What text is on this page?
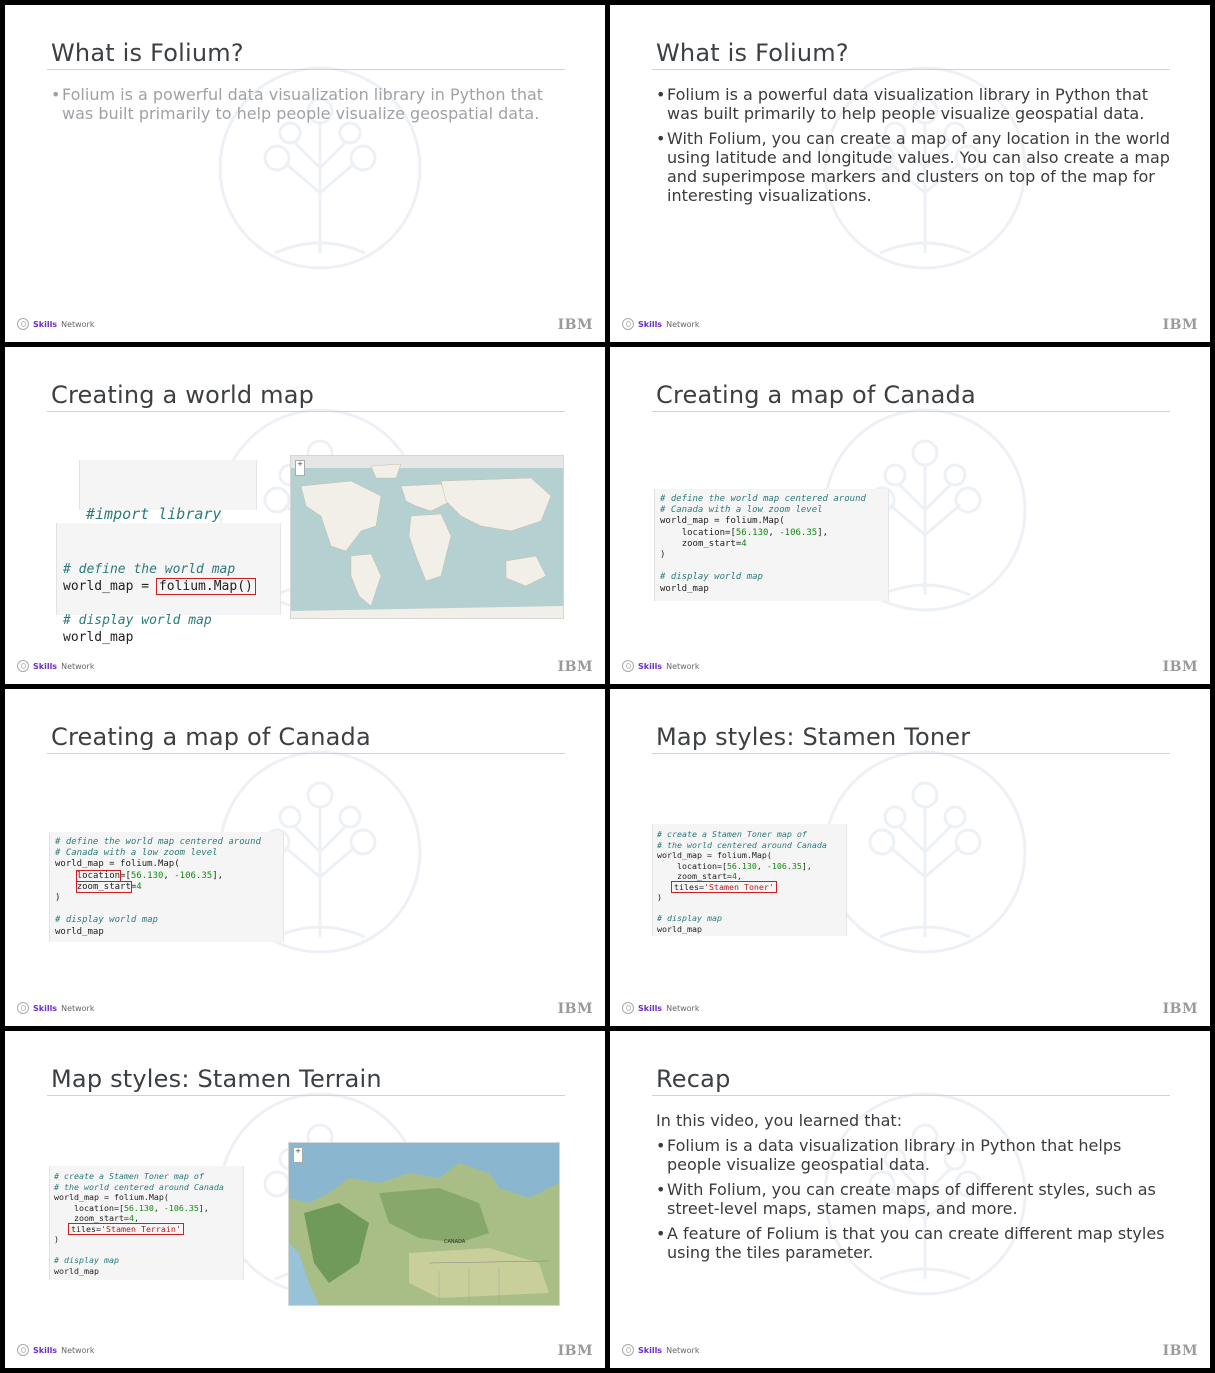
What is Folium?
• Folium is a powerful data visualization library in Python that was built primarily to help people visualize geospatial data.
Skills Network	IBM
What is Folium?
• Folium is a powerful data visualization library in Python that was built primarily to help people visualize geospatial data.
• With Folium, you can create a map of any location in the world using latitude and longitude values. You can also create a map and superimpose markers and clusters on top of the map for interesting visualizations.
Skills Network	IBM
Creating a world map

#import library

# define the world map
world_map = folium.Map()

# display world map
world_map

+
Skills Network	IBM
Creating a map of Canada
# define the world map centered around
# Canada with a low zoom level
world_map = folium.Map(
location=[56.130, -106.35],
zoom_start=4
)

# display world map
world_map
Skills Network	IBM
Creating a map of Canada
# define the world map centered around
# Canada with a low zoom level
world_map = folium.Map(
location=[56.130, -106.35],
zoom_start=4
)

# display world map
world_map
Skills Network	IBM
Map styles: Stamen Toner
# create a Stamen Toner map of
# the world centered around Canada
world_map = folium.Map(
location=[56.130, -106.35],
zoom_start=4,
tiles='Stamen Toner'
)

# display map
world_map
Skills Network	IBM
Map styles: Stamen Terrain
# create a Stamen Toner map of
# the world centered around Canada
world_map = folium.Map(
location=[56.130, -106.35],
zoom_start=4,
tiles='Stamen Terrain'
)

# display map
world_map
CANADA
+
Skills Network	IBM
Recap

In this video, you learned that:

• Folium is a data visualization library in Python that helps people visualize geospatial data.
• With Folium, you can create maps of different styles, such as street-level maps, stamen maps, and more.
• A feature of Folium is that you can create different map styles using the tiles parameter.
Skills Network	IBM
